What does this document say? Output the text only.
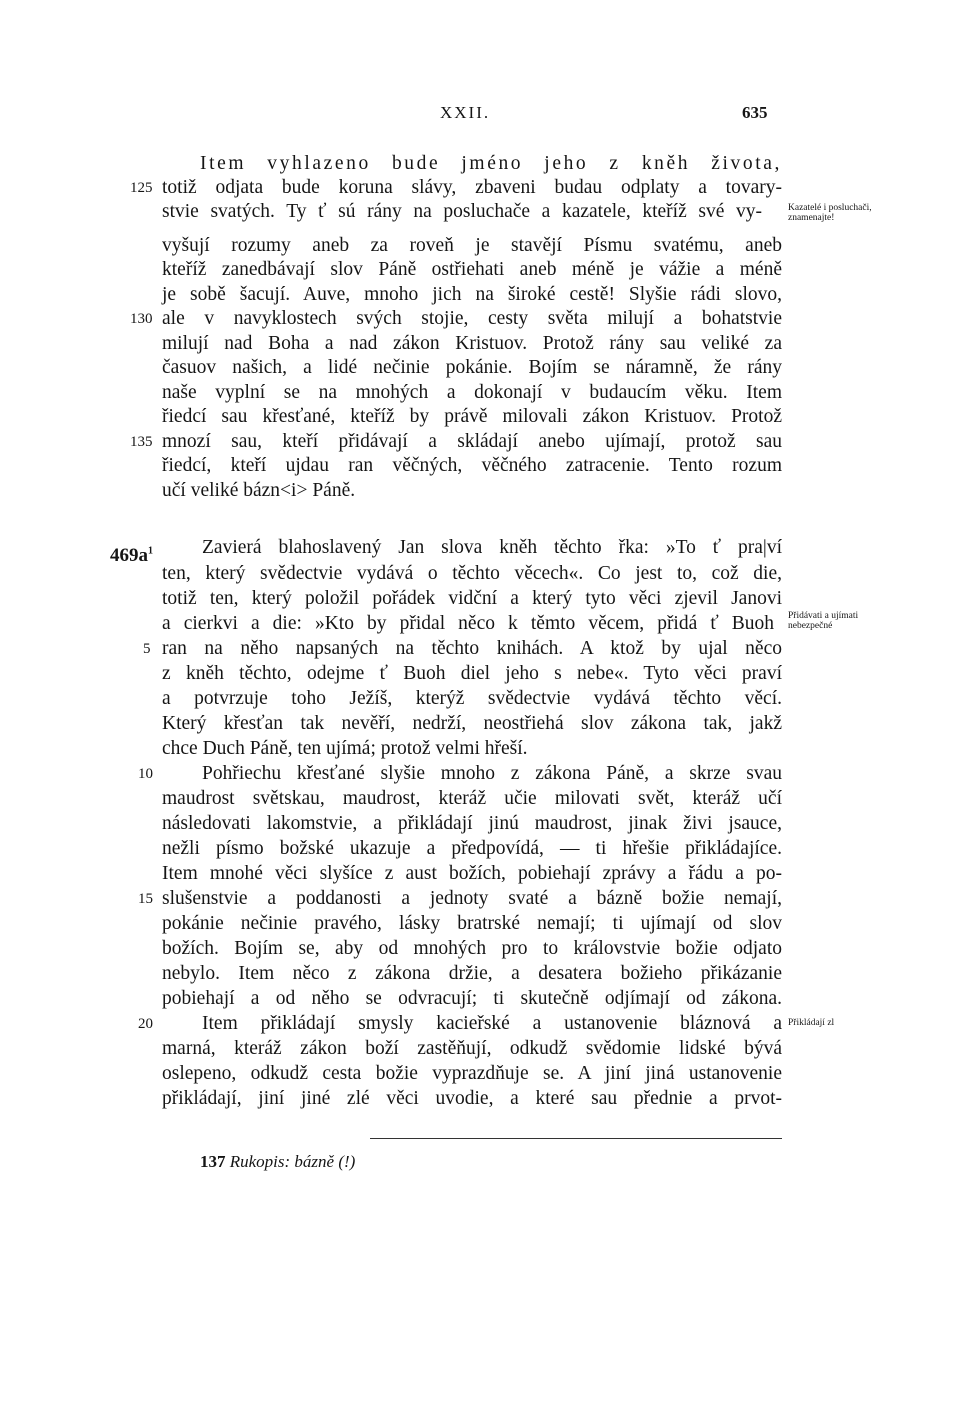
XXII.	635
Item vyhlazeno bude jméno jeho z kněh života,
totiž odjata bude koruna slávy, zbaveni budau odplaty a tovary-
stvie svatých. Ty ť sú rány na posluchače a kazatele, kteříž své vy-
vyšují rozumy aneb za roveň je stavějí Písmu svatému, aneb
kteříž zanedbávají slov Páně ostřiehati aneb méně je vážie a méně
je sobě šacují. Auve, mnoho jich na široké cestě! Slyšie rádi slovo,
ale v navyklostech svých stojie, cesty světa milují a bohatstvie
milují nad Boha a nad zákon Kristuov. Protož rány sau veliké za
časuov našich, a lidé nečinie pokánie. Bojím se náramně, že rány
naše vyplní se na mnohých a dokonají v budaucím věku. Item
řiedcí sau křesťané, kteříž by právě milovali zákon Kristuov. Protož
mnozí sau, kteří přidávají a skládají anebo ujímají, protož sau
řiedcí, kteří ujdau ran věčných, věčného zatracenie. Tento rozum
učí veliké bázn<i> Páně.
125
130
135
Kazatelé i posluchači, znamenajte!
$469a^1$	Zavierá blahoslavený Jan slova kněh těchto řka: »To ť pra|ví
ten, který svědectvie vydává o těchto věcech«. Co jest to, což die,
totiž ten, který položil pořádek vidční a který tyto věci zjevil Janovi
a cierkvi a die: »Kto by přidal něco k těmto věcem, přidá ť Buoh
ran na něho napsaných na těchto knihách. A ktož by ujal něco
z kněh těchto, odejme ť Buoh diel jeho s nebe«. Tyto věci praví
a potvrzuje toho Ježíš, kterýž svědectvie vydává těchto věcí.
Který křesťan tak nevěří, nedrží, neostřiehá slov zákona tak, jakž
chce Duch Páně, ten ujímá; protož velmi hřeší.
Pohřiechu křesťané slyšie mnoho z zákona Páně, a skrze svau
maudrost světskau, maudrost, kteráž učie milovati svět, kteráž učí
následovati lakomstvie, a přikládají jinú maudrost, jinak živi jsauce,
nežli písmo božské ukazuje a předpovídá, — ti hřešie přikládajíce.
Item mnohé věci slyšíce z aust božích, pobiehají zprávy a řádu a po-
slušenstvie a poddanosti a jednoty svaté a bázně božie nemají,
pokánie nečinie pravého, lásky bratrské nemají; ti ujímají od slov
božích. Bojím se, aby od mnohých pro to královstvie božie odjato
nebylo. Item něco z zákona držie, a desatera božieho přikázanie
pobiehají a od něho se odvracují; ti skutečně odjímají od zákona.
Item přikládají smysly kacieřské a ustanovenie bláznová a
marná, kteráž zákon boží zastěňují, odkudž svědomie lidské bývá
oslepeno, odkudž cesta božie vyprazdňuje se. A jiní jiná ustanovenie
přikládají, jiní jiné zlé věci uvodie, a které sau přednie a prvot-
5
10
15
20
Přidávati a ujímati nebezpečné
Přikládají zl
137 Rukopis: bázně (!)
